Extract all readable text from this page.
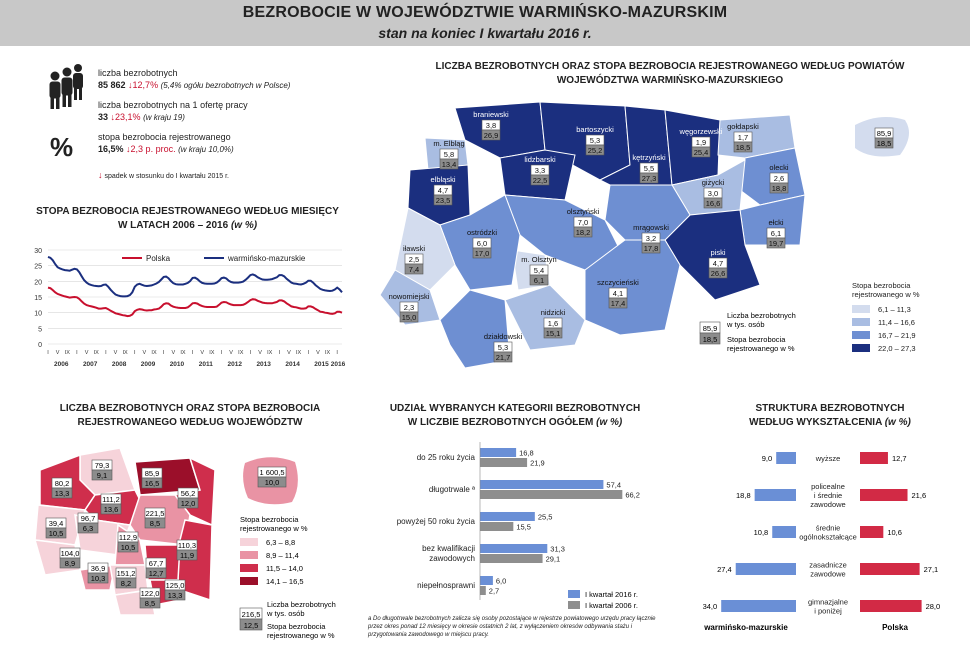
BEZROBOCIE W WOJEWÓDZTWIE WARMIŃSKO-MAZURSKIM
stan na koniec I kwartału 2016 r.
%
liczba bezrobotnych
85 862 ↓12,7% (5,4% ogółu bezrobotnych w Polsce)
liczba bezrobotnych na 1 ofertę pracy
33 ↓23,1% (w kraju 19)
stopa bezrobocia rejestrowanego
16,5% ↓2,3 p. proc. (w kraju 10,0%)
↓ spadek w stosunku do I kwartału 2015 r.
STOPA BEZROBOCIA REJESTROWANEGO WEDŁUG MIESIĘCY
W LATACH 2006 – 2016 (w %)
0
5
10
15
20
25
30
I V IX I V IX I V IX I V IX I V IX I V IX I V IX I V IX I V IX I V IX I
2006 2007 2008 2009 2010 2011 2012 2013 2014 2015 2016
Polska	warmińsko-mazurskie
LICZBA BEZROBOTNYCH ORAZ STOPA BEZROBOCIA REJESTROWANEGO WEDŁUG POWIATÓW
WOJEWÓDZTWA WARMIŃSKO-MAZURSKIEGO
braniewski
3,8
26,9
m. Elbląg
5,8
13,4
elbląski
4,7
23,5
bartoszycki
5,3
25,2
lidzbarski
3,3
22,5
kętrzyński
5,5
27,3
węgorzewski
1,9
25,4
gołdapski
1,7
18,5
olecki
2,6
18,8
giżycki
3,0
16,6
ełcki
6,1
19,7
piski
4,7
26,6
mrągowski
3,2
17,8
olsztyński
7,0
18,2
m. Olsztyn
5,4
6,1	szczycieński
4,1
17,4
ostródzki
6,0
17,0
iławski
2,5
7,4
nowomiejski
2,3
15,0
działdowski
5,3
21,7
nidzicki
1,6
15,1
85,9
18,5
Stopa bezrobocia
rejestrowanego w %
6,1 – 11,3
11,4 – 16,6
16,7 – 21,9
22,0 – 27,3
85,9
18,5
Liczba bezrobotnych
w tys. osób
Stopa bezrobocia
rejestrowanego w %
LICZBA BEZROBOTNYCH ORAZ STOPA BEZROBOCIA
REJESTROWANEGO WEDŁUG WOJEWÓDZTW
79,3
9,1	85,9
16,5
80,2
13,3	56,2
12,0
111,2
13,6	221,5
8,5
39,4
10,5
96,7
6,3
112,9
10,5
104,0
8,9
110,3
11,9
67,7
12,7
36,9
10,3
151,2
8,2	125,0
13,3
122,0
8,5
1 600,5
10,0
Stopa bezrobocia
rejestrowanego w %
6,3 – 8,8
8,9 – 11,4
11,5 – 14,0
14,1 – 16,5
216,5
12,5
Liczba bezrobotnych
w tys. osób
Stopa bezrobocia
rejestrowanego w %
UDZIAŁ WYBRANYCH KATEGORII BEZROBOTNYCH
W LICZBIE BEZROBOTNYCH OGÓŁEM (w %)
do 25 roku życia	16,8
21,9
długotrwale ª	57,4
66,2
powyżej 50 roku życia	25,5
15,5
bez kwalifikacji
zawodowych
31,3
29,1
niepełnosprawni	6,0
2,7	I kwartał 2016 r.
I kwartał 2006 r.
a Do długotrwale bezrobotnych zalicza się osoby pozostające w rejestrze powiatowego urzędu pracy łącznie przez okres ponad 12 miesięcy w okresie ostatnich 2 lat, z wyłączeniem okresów odbywania stażu i przygotowania zawodowego w miejscu pracy.
STRUKTURA BEZROBOTNYCH
WEDŁUG WYKSZTAŁCENIA (w %)
wyższe
9,0	12,7
policealne
i średnie
zawodowe
18,8	21,6
średnie
ogólnokształcące
10,8	10,6
zasadnicze
zawodowe
27,4	27,1
gimnazjalne
i poniżej
34,0	28,0
warmińsko-mazurskie	Polska
